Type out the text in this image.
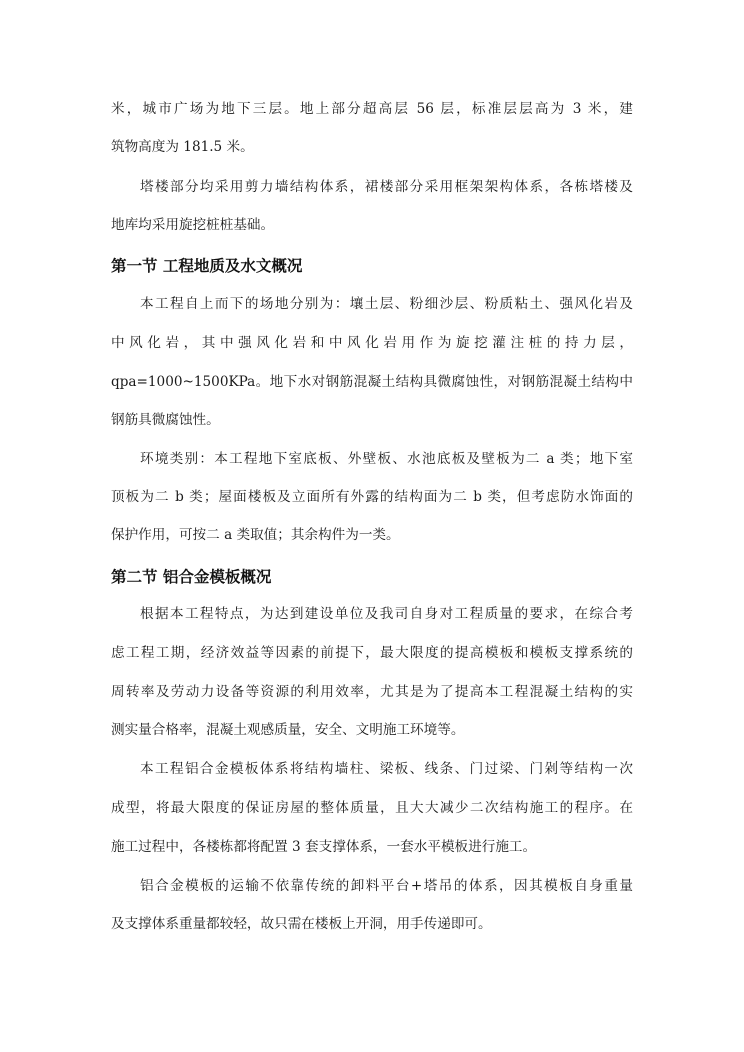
米，城市广场为地下三层。地上部分超高层 56 层，标准层层高为 3 米，建
筑物高度为 181.5 米。
塔楼部分均采用剪力墙结构体系，裙楼部分采用框架架构体系，各栋塔楼及
地库均采用旋挖桩桩基础。
第一节 工程地质及水文概况
本工程自上而下的场地分别为：壤土层、粉细沙层、粉质粘土、强风化岩及
中风化岩，其中强风化岩和中风化岩用作为旋挖灌注桩的持力层，
qpa=1000~1500KPa。地下水对钢筋混凝土结构具微腐蚀性，对钢筋混凝土结构中
钢筋具微腐蚀性。
环境类别：本工程地下室底板、外壁板、水池底板及壁板为二 a 类；地下室
顶板为二 b 类；屋面楼板及立面所有外露的结构面为二 b 类，但考虑防水饰面的
保护作用，可按二 a 类取值；其余构件为一类。
第二节 铝合金模板概况
根据本工程特点，为达到建设单位及我司自身对工程质量的要求，在综合考
虑工程工期，经济效益等因素的前提下，最大限度的提高模板和模板支撑系统的
周转率及劳动力设备等资源的利用效率，尤其是为了提高本工程混凝土结构的实
测实量合格率，混凝土观感质量，安全、文明施工环境等。
本工程铝合金模板体系将结构墙柱、梁板、线条、门过梁、门剁等结构一次
成型，将最大限度的保证房屋的整体质量，且大大减少二次结构施工的程序。在
施工过程中，各楼栋都将配置 3 套支撑体系，一套水平模板进行施工。
铝合金模板的运输不依靠传统的卸料平台+塔吊的体系，因其模板自身重量
及支撑体系重量都较轻，故只需在楼板上开洞，用手传递即可。
